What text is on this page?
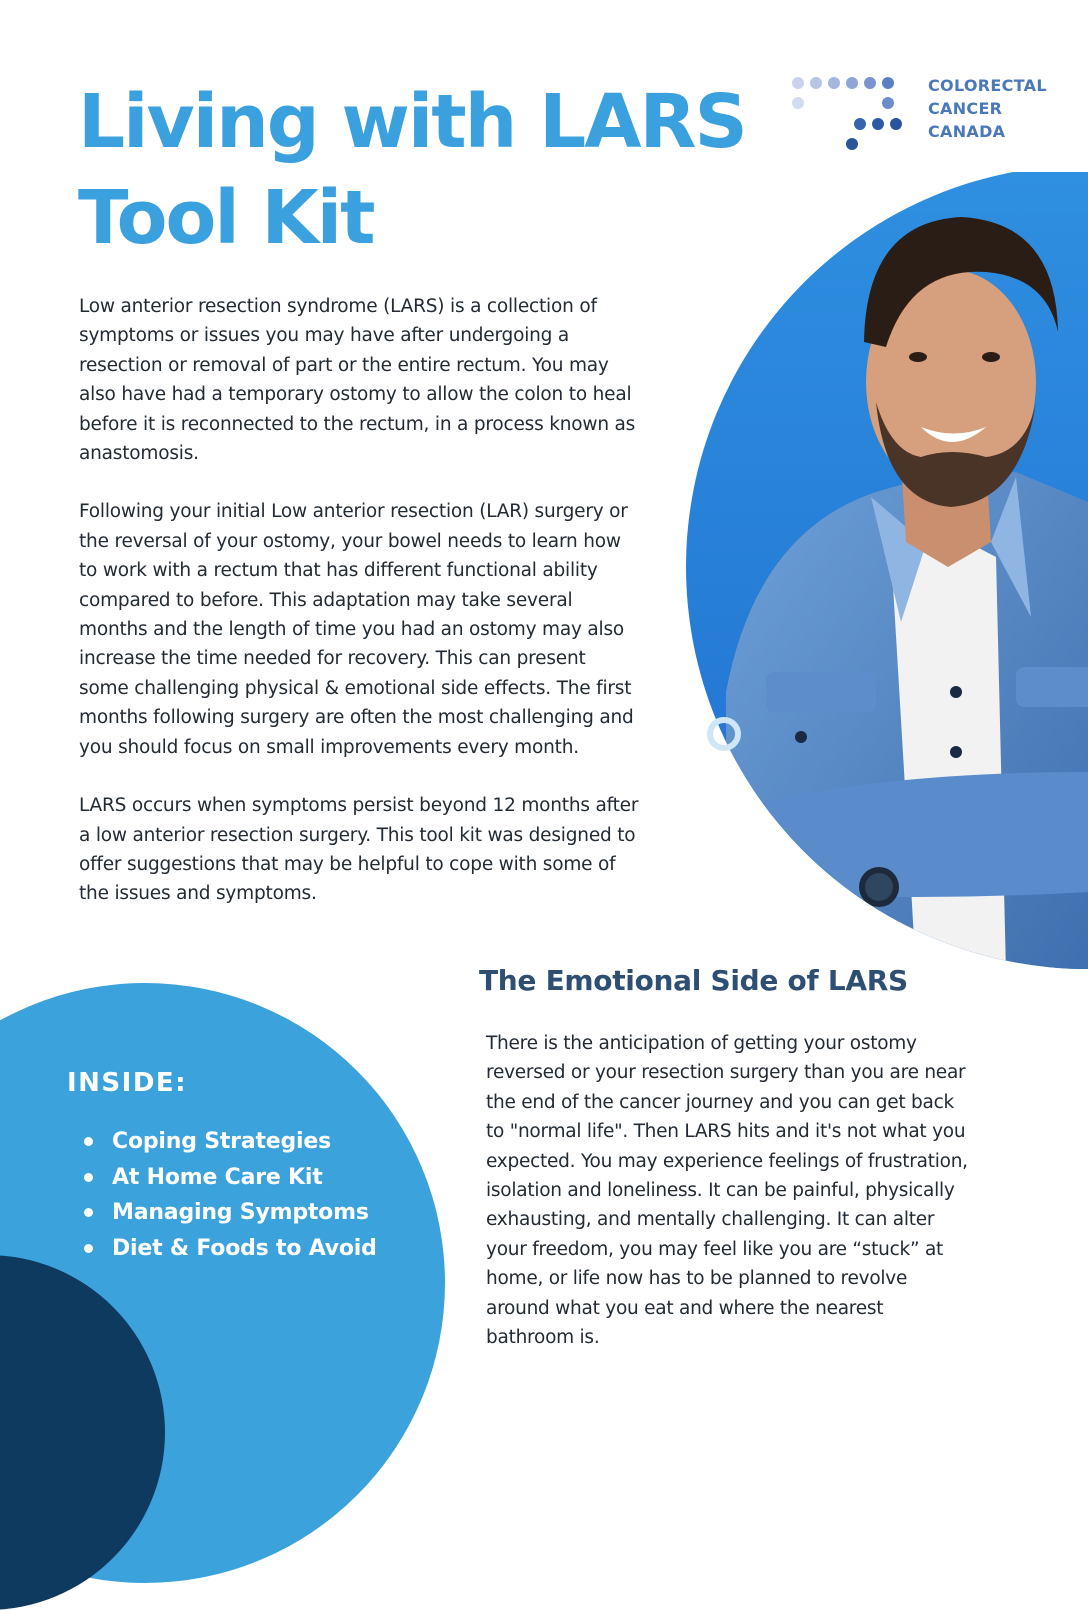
Living with LARS
Tool Kit
COLORECTAL
CANCER
CANADA

Low anterior resection syndrome (LARS) is a collection of symptoms or issues you may have after undergoing a resection or removal of part or the entire rectum. You may also have had a temporary ostomy to allow the colon to heal before it is reconnected to the rectum, in a process known as anastomosis.

Following your initial Low anterior resection (LAR) surgery or the reversal of your ostomy, your bowel needs to learn how to work with a rectum that has different functional ability compared to before. This adaptation may take several months and the length of time you had an ostomy may also increase the time needed for recovery. This can present some challenging physical & emotional side effects. The first months following surgery are often the most challenging and you should focus on small improvements every month.

LARS occurs when symptoms persist beyond 12 months after a low anterior resection surgery. This tool kit was designed to offer suggestions that may be helpful to cope with some of the issues and symptoms.

The Emotional Side of LARS

There is the anticipation of getting your ostomy reversed or your resection surgery than you are near the end of the cancer journey and you can get back to "normal life". Then LARS hits and it's not what you expected. You may experience feelings of frustration, isolation and loneliness. It can be painful, physically exhausting, and mentally challenging. It can alter your freedom, you may feel like you are “stuck” at home, or life now has to be planned to revolve around what you eat and where the nearest bathroom is.

INSIDE:
Coping Strategies
At Home Care Kit
Managing Symptoms
Diet & Foods to Avoid
